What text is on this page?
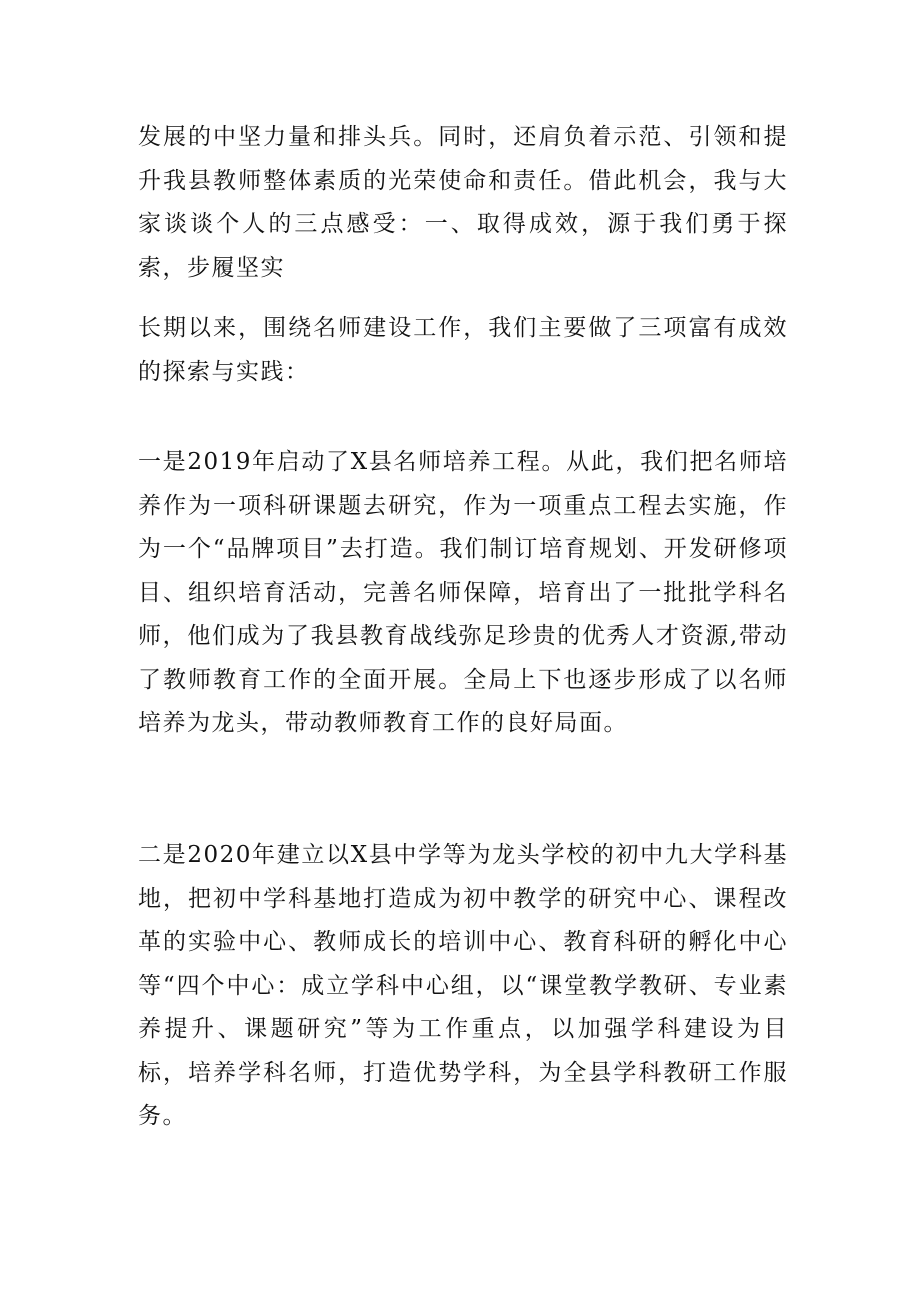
发展的中坚力量和排头兵。同时，还肩负着示范、引领和提升我县教师整体素质的光荣使命和责任。借此机会，我与大家谈谈个人的三点感受：一、取得成效，源于我们勇于探索，步履坚实

长期以来，围绕名师建设工作，我们主要做了三项富有成效的探索与实践：

一是2019年启动了X县名师培养工程。从此，我们把名师培养作为一项科研课题去研究，作为一项重点工程去实施，作为一个“品牌项目”去打造。我们制订培育规划、开发研修项目、组织培育活动，完善名师保障，培育出了一批批学科名师，他们成为了我县教育战线弥足珍贵的优秀人才资源,带动了教师教育工作的全面开展。全局上下也逐步形成了以名师培养为龙头，带动教师教育工作的良好局面。

二是2020年建立以X县中学等为龙头学校的初中九大学科基地，把初中学科基地打造成为初中教学的研究中心、课程改革的实验中心、教师成长的培训中心、教育科研的孵化中心等“四个中心：成立学科中心组，以“课堂教学教研、专业素养提升、课题研究”等为工作重点，以加强学科建设为目标，培养学科名师，打造优势学科，为全县学科教研工作服务。
